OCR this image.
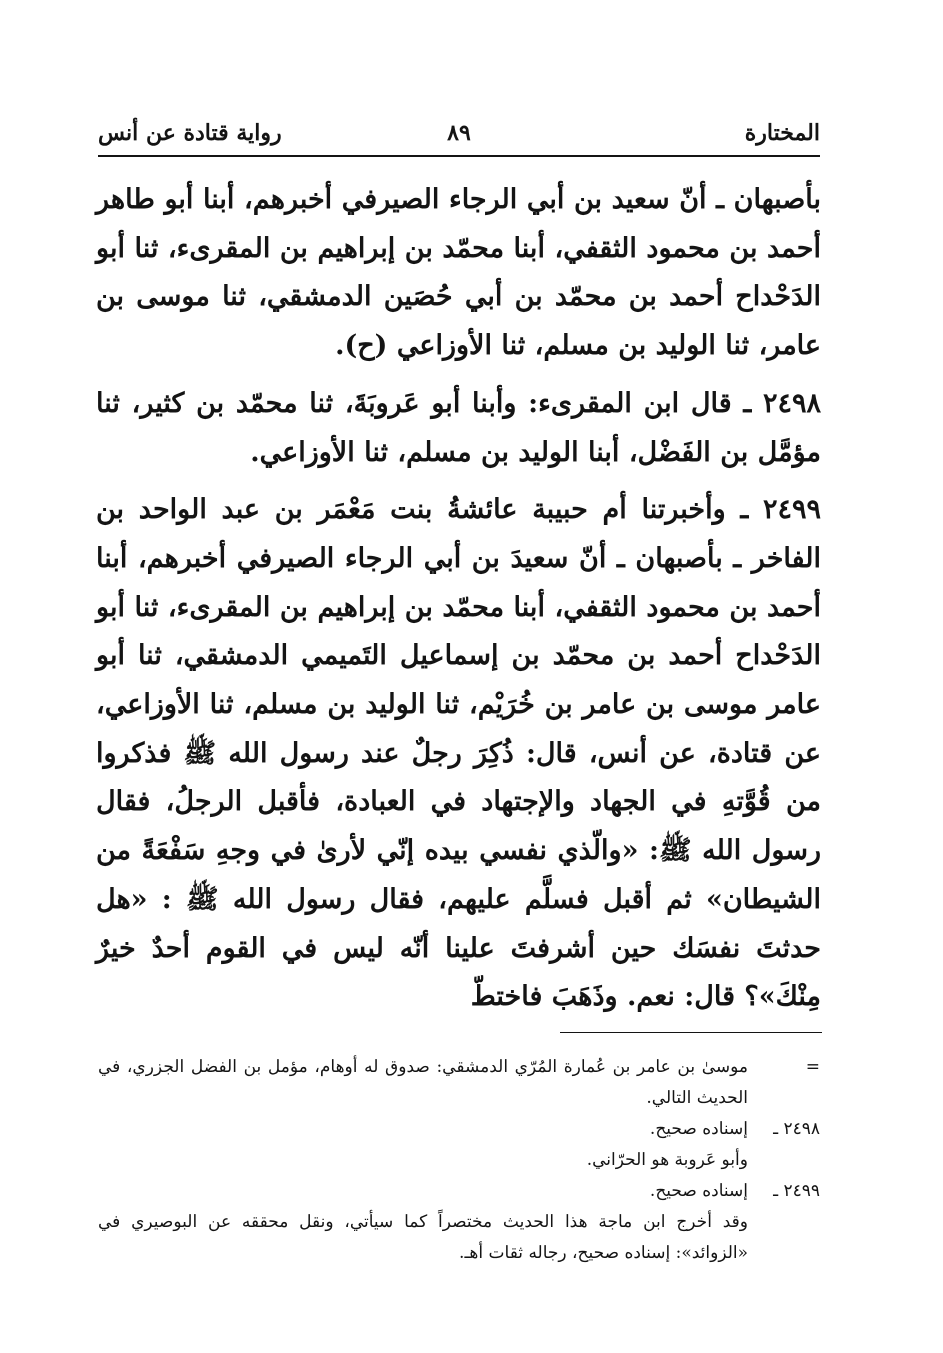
المختارة
٨٩
رواية قتادة عن أنس

بأصبهان ـ أنّ سعيد بن أبي الرجاء الصيرفي أخبرهم، أبنا أبو طاهر أحمد بن محمود الثقفي، أبنا محمّد بن إبراهيم بن المقرىء، ثنا أبو الدَحْداح أحمد بن محمّد بن أبي حُصَين الدمشقي، ثنا موسى بن عامر، ثنا الوليد بن مسلم، ثنا الأوزاعي (ح).

٢٤٩٨ ـ قال ابن المقرىء: وأبنا أبو عَروبَةَ، ثنا محمّد بن كثير، ثنا مؤمَّل بن الفَضْل، أبنا الوليد بن مسلم، ثنا الأوزاعي.

٢٤٩٩ ـ وأخبرتنا أم حبيبة عائشةُ بنت مَعْمَر بن عبد الواحد بن الفاخر ـ بأصبهان ـ أنّ سعيدَ بن أبي الرجاء الصيرفي أخبرهم، أبنا أحمد بن محمود الثقفي، أبنا محمّد بن إبراهيم بن المقرىء، ثنا أبو الدَحْداح أحمد بن محمّد بن إسماعيل التَميمي الدمشقي، ثنا أبو عامر موسى بن عامر بن خُرَيْم، ثنا الوليد بن مسلم، ثنا الأوزاعي، عن قتادة، عن أنس، قال: ذُكِرَ رجلٌ عند رسول الله ﷺ فذكروا من قُوَّتهِ في الجهاد والإجتهاد في العبادة، فأقبل الرجلُ، فقال رسول الله ﷺ: «والّذي نفسي بيده إنّي لأرىٰ في وجهِ سَفْعَةً من الشيطان» ثم أقبل فسلَّم عليهم، فقال رسول الله ﷺ : «هل حدثتَ نفسَك حين أشرفتَ علينا أنّه ليس في القوم أحدٌ خيرٌ مِنْكَ»؟ قال: نعم. وذَهَبَ فاختطّ

=
موسىٰ بن عامر بن عُمارة المُرّي الدمشقي: صدوق له أوهام، مؤمل بن الفضل الجزري، في الحديث التالي.
٢٤٩٨ ـ
إسناده صحيح.
وأبو عَروبة هو الحرّاني.
٢٤٩٩ ـ
إسناده صحيح.
وقد أخرج ابن ماجة هذا الحديث مختصراً كما سيأتي، ونقل محققه عن البوصيري في «الزوائد»: إسناده صحيح، رجاله ثقات أهـ.
